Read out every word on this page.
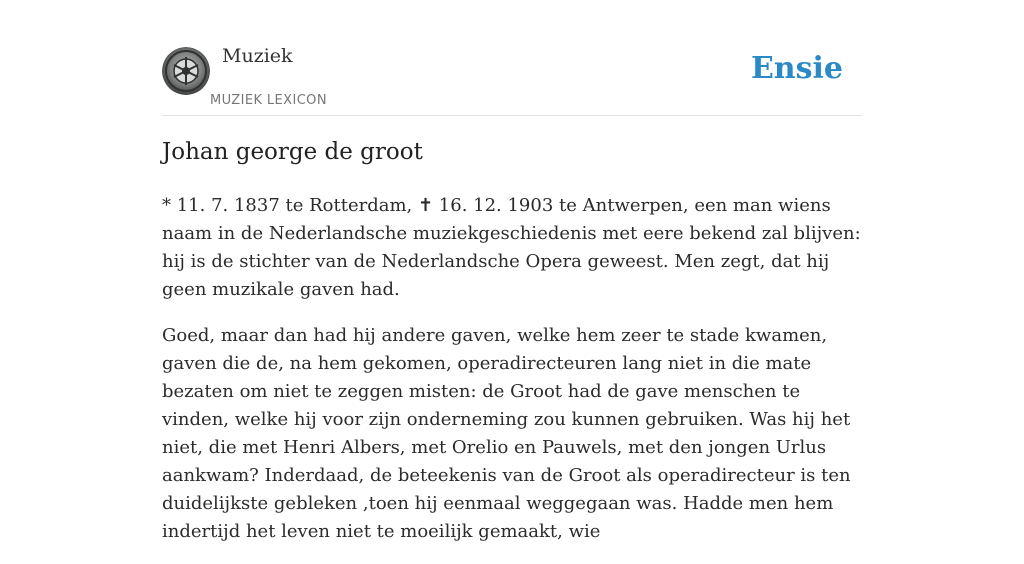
Muziek
MUZIEK LEXICON
Ensie
Johan george de groot

* 11. 7. 1837 te Rotterdam, ✝ 16. 12. 1903 te Antwerpen, een man wiens naam in de Nederlandsche muziekgeschiedenis met eere bekend zal blijven: hij is de stichter van de Nederlandsche Opera geweest. Men zegt, dat hij geen muzikale gaven had.

Goed, maar dan had hij andere gaven, welke hem zeer te stade kwamen, gaven die de, na hem gekomen, operadirecteuren lang niet in die mate bezaten om niet te zeggen misten: de Groot had de gave menschen te vinden, welke hij voor zijn onderneming zou kunnen gebruiken. Was hij het niet, die met Henri Albers, met Orelio en Pauwels, met den jongen Urlus aankwam? Inderdaad, de beteekenis van de Groot als operadirecteur is ten duidelijkste gebleken ,toen hij eenmaal weggegaan was. Hadde men hem indertijd het leven niet te moeilijk gemaakt, wie
